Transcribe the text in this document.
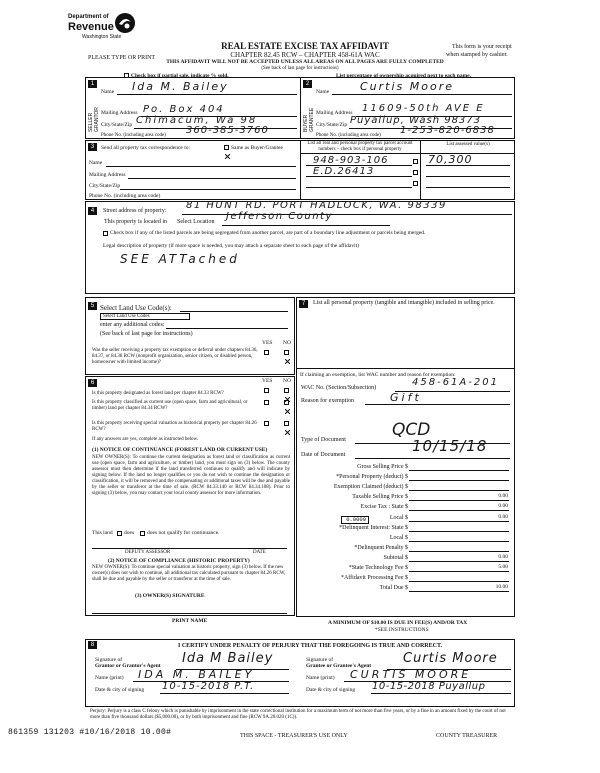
Department of
Revenue
Washington State
PLEASE TYPE OR PRINT
REAL ESTATE EXCISE TAX AFFIDAVIT
CHAPTER 82.45 RCW – CHAPTER 458-61A WAC
THIS AFFIDAVIT WILL NOT BE ACCEPTED UNLESS ALL AREAS ON ALL PAGES ARE FULLY COMPLETED
(See back of last page for instructions)
This form is your receipt
when stamped by cashier.
Check box if partial sale, indicate % sold.	List percentage of ownership acquired next to each name.
1
SELLER GRANTOR
Name Ida M. Bailey
Mailing Address Po. Box 404
City/State/Zip Chimacum, Wa 98
Phone No. (including area code) 360-385-3760
2
BUYER GRANTEE
Name	Curtis Moore
Mailing Address 11609-50th AVE E
City/State/Zip Puyallup, Wash 98373
Phone No. (including area code) 1-253-820-6838
3	Send all property tax correspondence to:	Same as Buyer/Grantee
Name
Mailing Address
City/State/Zip
Phone No. (including area code)
List all real and personal property tax parcel account numbers – check box if personal property
List assessed value(s)
948-903-106
E.D.26413
70,300
4	Street address of property: 81 HUNT RD. PORT HADLOCK, WA. 98339
This property is located in Select Location Jefferson County
Check box if any of the listed parcels are being segregated from another parcel, are part of a boundary line adjustment or parcels being merged.
Legal description of property (if more space is needed, you may attach a separate sheet to each page of the affidavit)
SEE ATTached
5 Select Land Use Code(s):
Select Land Use Codes
enter any additional codes:
(See back of last page for instructions)
YES NO
Was the seller receiving a property tax exemption or deferral under chapters 84.36, 84.37, or 84.38 RCW (nonprofit organization, senior citizen, or disabled person, homeowner with limited income)?
6	YES NO
Is this property designated as forest land per chapter 84.33 RCW?
Is this property classified as current use (open space, farm and agricultural, or timber) land per chapter 84.34 RCW?
Is this property receiving special valuation as historical property per chapter 84.26 RCW?
If any answers are yes, complete as instructed below.
(1) NOTICE OF CONTINUANCE (FOREST LAND OR CURRENT USE)
NEW OWNER(S): To continue the current designation as forest land or classification as current use (open space, farm and agriculture, or timber) land, you must sign on (3) below. The county assessor must then determine if the land transferred continues to qualify and will indicate by signing below. If the land no longer qualifies or you do not wish to continue the designation or classification, it will be removed and the compensating or additional taxes will be due and payable by the seller or transferor at the time of sale. (RCW 84.33.140 or RCW 84.34.108). Prior to signing (3) below, you may contact your local county assessor for more information.
This land does does not qualify for continuance.
DEPUTY ASSESSOR	DATE
(2) NOTICE OF COMPLIANCE (HISTORIC PROPERTY)
NEW OWNER(S): To continue special valuation as historic property, sign (3) below. If the new owner(s) does not wish to continue, all additional tax calculated pursuant to chapter 84.26 RCW, shall be due and payable by the seller or transferor at the time of sale.
(3) OWNER(S) SIGNATURE
PRINT NAME
7	List all personal property (tangible and intangible) included in selling price.
If claiming an exemption, list WAC number and reason for exemption:
WAC No. (Section/Subsection)	458-61A-201
Reason for exemption	Gift
Type of Document	QCD
Date of Document	10/15/18
Gross Selling Price $
*Personal Property (deduct) $
Exemption Claimed (deduct) $
Taxable Selling Price $	0.00
Excise Tax : State $	0.00
Local $	0.00
*Delinquent Interest: State $
Local $
*Delinquent Penalty $
Subtotal $	0.00
*State Technology Fee $	5.00
*Affidavit Processing Fee $
Total Due $	10.00
0.0000
A MINIMUM OF $10.00 IS DUE IN FEE(S) AND/OR TAX
*SEE INSTRUCTIONS
8	I CERTIFY UNDER PENALTY OF PERJURY THAT THE FOREGOING IS TRUE AND CORRECT.
Signature of
Grantor or Grantor's Agent Ida M Bailey
Name (print) IDA M. BAILEY
Date & city of signing 10-15-2018 P.T.
Signature of
Grantee or Grantee's Agent Curtis Moore
Name (print) CURTIS MOORE
Date & city of signing 10-15-2018 Puyallup
Perjury: Perjury is a class C felony which is punishable by imprisonment in the state correctional institution for a maximum term of not more than five years, or by a fine in an amount fixed by the court of not more than five thousand dollars ($5,000.00), or by both imprisonment and fine (RCW 9A.20.020 (1C)).
861359 131203 #10/16/2018 10.00#	THIS SPACE - TREASURER'S USE ONLY	COUNTY TREASURER
